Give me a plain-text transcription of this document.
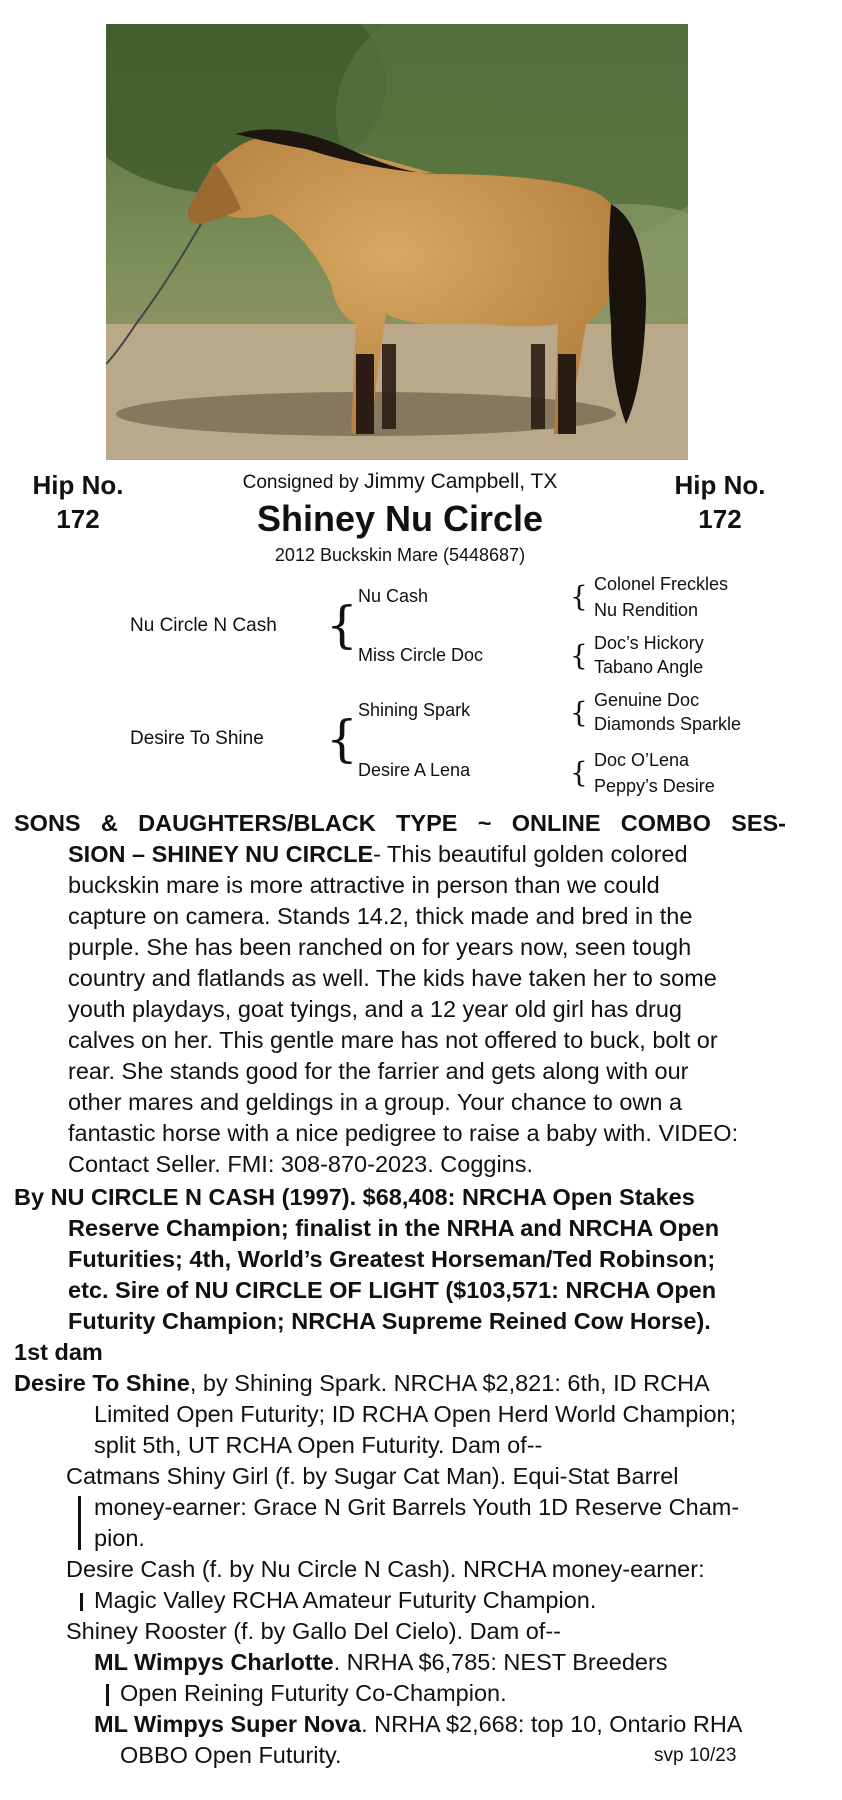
Hip No.
172
Hip No.
172
Consigned by Jimmy Campbell, TX
Shiney Nu Circle
2012 Buckskin Mare (5448687)
Nu Circle N Cash { Nu Cash
Miss Circle Doc
{ Colonel Freckles
Nu Rendition
{ Doc’s Hickory
Tabano Angle
Desire To Shine { Shining Spark
Desire A Lena
{ Genuine Doc
Diamonds Sparkle
{ Doc O’Lena
Peppy’s Desire
SONS & DAUGHTERS/BLACK TYPE ~ ONLINE COMBO SES-
SION – SHINEY NU CIRCLE- This beautiful golden colored
buckskin mare is more attractive in person than we could
capture on camera. Stands 14.2, thick made and bred in the
purple. She has been ranched on for years now, seen tough
country and flatlands as well. The kids have taken her to some
youth playdays, goat tyings, and a 12 year old girl has drug
calves on her. This gentle mare has not offered to buck, bolt or
rear. She stands good for the farrier and gets along with our
other mares and geldings in a group. Your chance to own a
fantastic horse with a nice pedigree to raise a baby with. VIDEO:
Contact Seller. FMI: 308-870-2023. Coggins.
By NU CIRCLE N CASH (1997). $68,408: NRCHA Open Stakes
Reserve Champion; finalist in the NRHA and NRCHA Open
Futurities; 4th, World’s Greatest Horseman/Ted Robinson;
etc. Sire of NU CIRCLE OF LIGHT ($103,571: NRCHA Open
Futurity Champion; NRCHA Supreme Reined Cow Horse).
1st dam
Desire To Shine, by Shining Spark. NRCHA $2,821: 6th, ID RCHA
Limited Open Futurity; ID RCHA Open Herd World Champion;
split 5th, UT RCHA Open Futurity. Dam of--
Catmans Shiny Girl (f. by Sugar Cat Man). Equi-Stat Barrel
money-earner: Grace N Grit Barrels Youth 1D Reserve Cham-
pion.
Desire Cash (f. by Nu Circle N Cash). NRCHA money-earner:
Magic Valley RCHA Amateur Futurity Champion.
Shiney Rooster (f. by Gallo Del Cielo). Dam of--
ML Wimpys Charlotte. NRHA $6,785: NEST Breeders
Open Reining Futurity Co-Champion.
ML Wimpys Super Nova. NRHA $2,668: top 10, Ontario RHA
OBBO Open Futurity.	svp 10/23
